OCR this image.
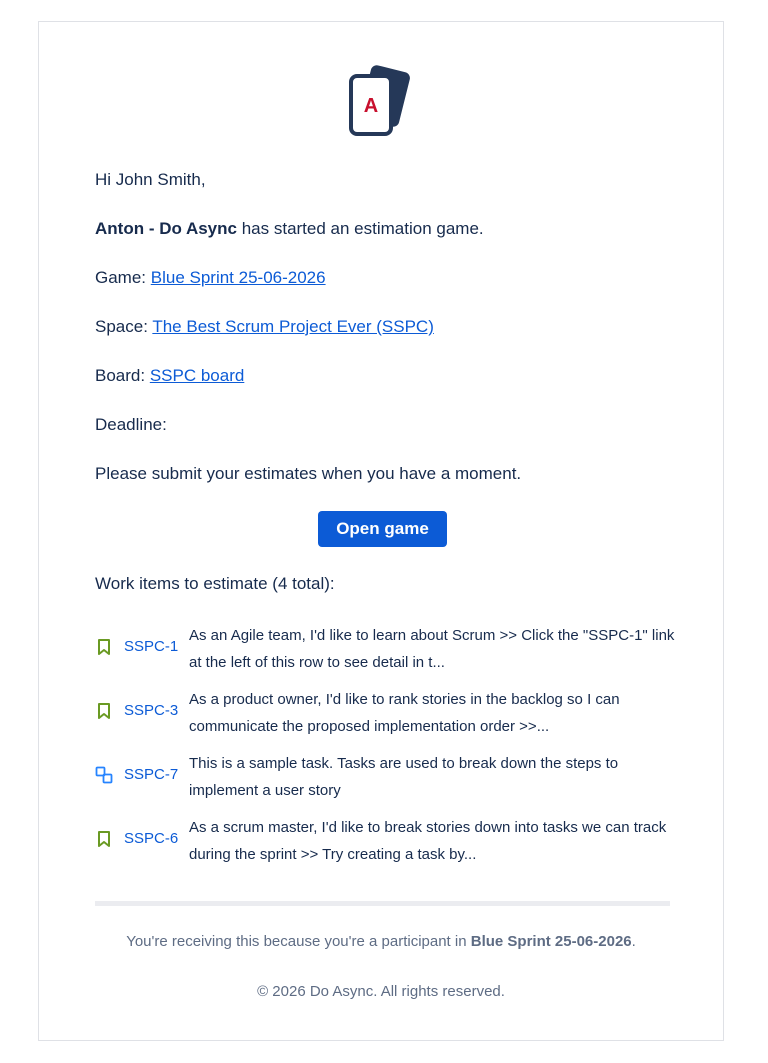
A
Hi John Smith,
Anton - Do Async has started an estimation game.
Game: Blue Sprint 25-06-2026
Space: The Best Scrum Project Ever (SSPC)
Board: SSPC board
Deadline:
Please submit your estimates when you have a moment.
Open game
Work items to estimate (4 total):
SSPC-1
As an Agile team, I'd like to learn about Scrum >> Click the "SSPC-1" link at the left of this row to see detail in t...
SSPC-3
As a product owner, I'd like to rank stories in the backlog so I can communicate the proposed implementation order >>...
SSPC-7
This is a sample task. Tasks are used to break down the steps to implement a user story
SSPC-6
As a scrum master, I'd like to break stories down into tasks we can track during the sprint >> Try creating a task by...
You're receiving this because you're a participant in Blue Sprint 25-06-2026.
© 2026 Do Async. All rights reserved.
